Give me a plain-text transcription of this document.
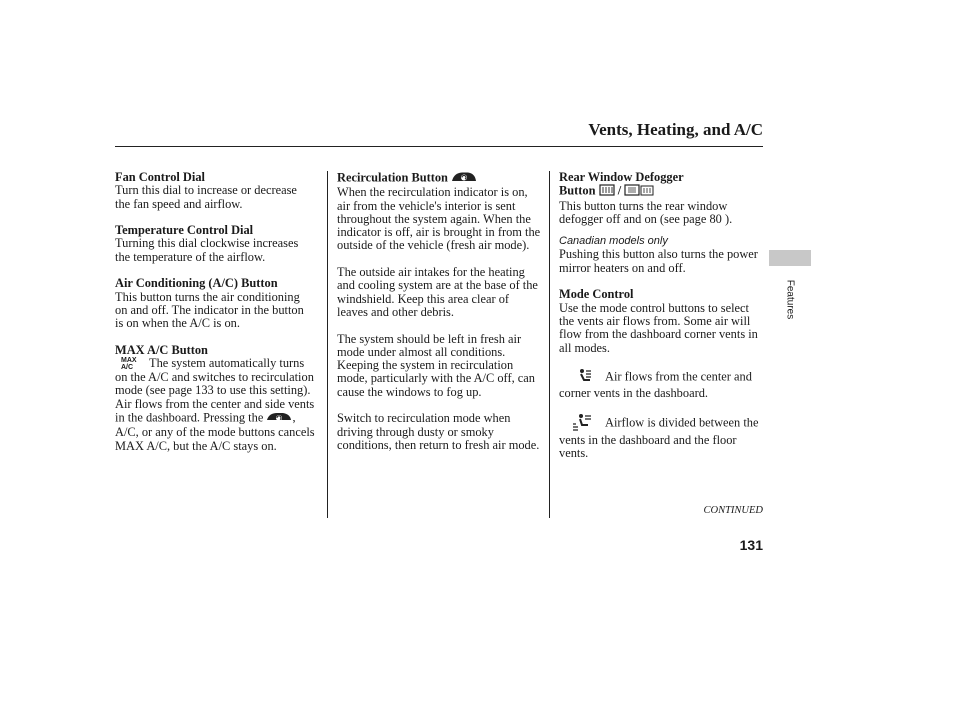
Vents, Heating, and A/C
Fan Control Dial

Turn this dial to increase or decrease the fan speed and airflow.

Temperature Control Dial

Turning this dial clockwise increases the temperature of the airflow.

Air Conditioning (A/C) Button

This button turns the air conditioning on and off. The indicator in the button is on when the A/C is on.

MAX A/C Button

MAX
A/C The system automatically turns on the A/C and switches to recirculation mode (see page 133 to use this setting). Air flows from the center and side vents in the dashboard. Pressing the , A/C, or any of the mode buttons cancels MAX A/C, but the A/C stays on.

Recirculation Button

When the recirculation indicator is on, air from the vehicle's interior is sent throughout the system again. When the indicator is off, air is brought in from the outside of the vehicle (fresh air mode).

The outside air intakes for the heating and cooling system are at the base of the windshield. Keep this area clear of leaves and other debris.

The system should be left in fresh air mode under almost all conditions. Keeping the system in recirculation mode, particularly with the A/C off, can cause the windows to fog up.

Switch to recirculation mode when driving through dusty or smoky conditions, then return to fresh air mode.

Rear Window Defogger
Button /

This button turns the rear window defogger off and on (see page 80 ).

Canadian models only

Pushing this button also turns the power mirror heaters on and off.

Mode Control

Use the mode control buttons to select the vents air flows from. Some air will flow from the dashboard corner vents in all modes.

Air flows from the center and corner vents in the dashboard.

Airflow is divided between the vents in the dashboard and the floor vents.

Features
CONTINUED
131
